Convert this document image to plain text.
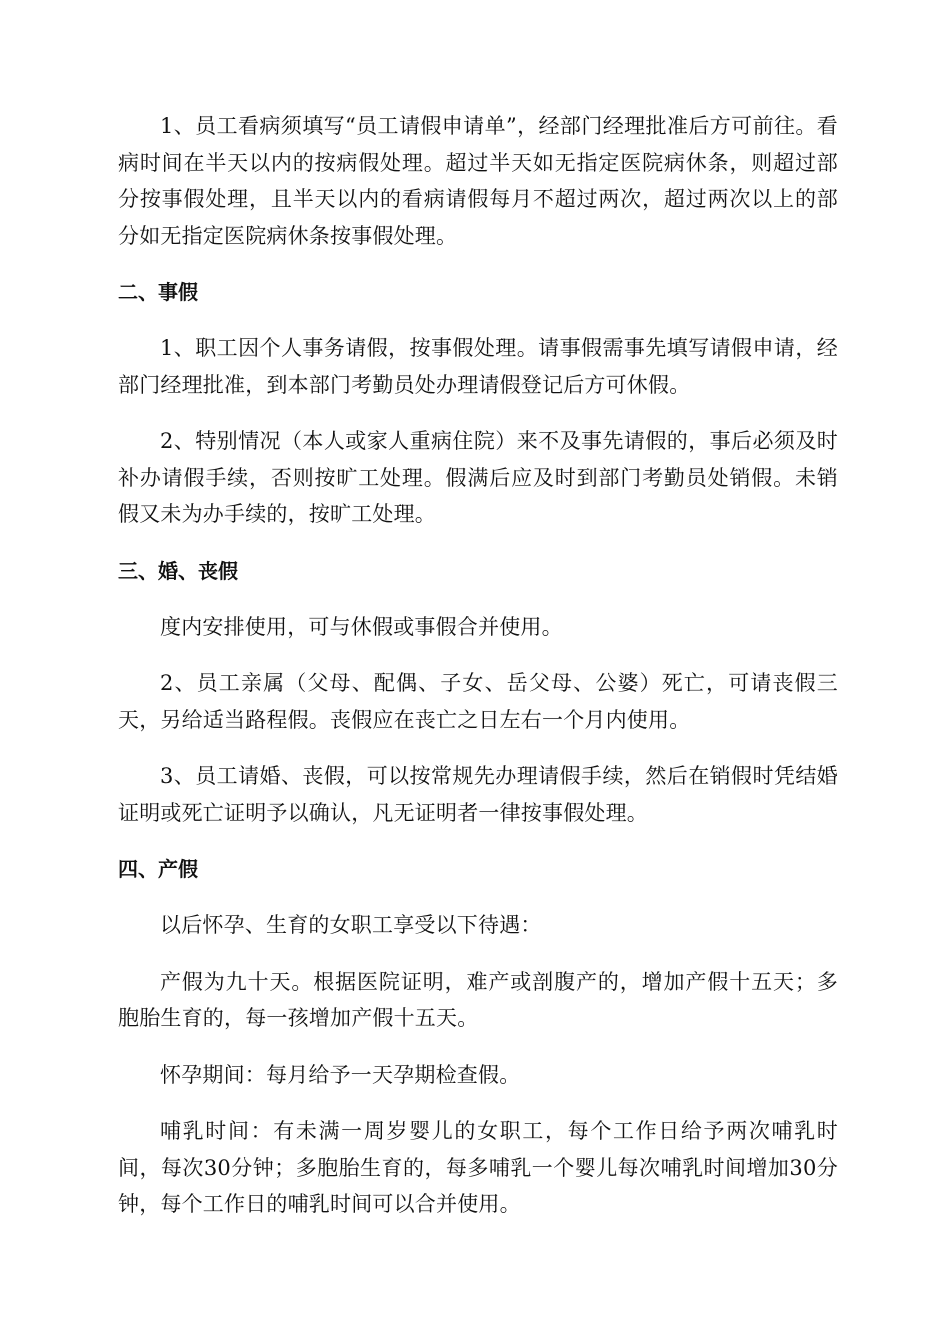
1、员工看病须填写“员工请假申请单”，经部门经理批准后方可前往。看病时间在半天以内的按病假处理。超过半天如无指定医院病休条，则超过部分按事假处理，且半天以内的看病请假每月不超过两次，超过两次以上的部分如无指定医院病休条按事假处理。

二、事假

1、职工因个人事务请假，按事假处理。请事假需事先填写请假申请，经部门经理批准，到本部门考勤员处办理请假登记后方可休假。

2、特别情况（本人或家人重病住院）来不及事先请假的，事后必须及时补办请假手续，否则按旷工处理。假满后应及时到部门考勤员处销假。未销假又未为办手续的，按旷工处理。

三、婚、丧假

度内安排使用，可与休假或事假合并使用。

2、员工亲属（父母、配偶、子女、岳父母、公婆）死亡，可请丧假三天，另给适当路程假。丧假应在丧亡之日左右一个月内使用。

3、员工请婚、丧假，可以按常规先办理请假手续，然后在销假时凭结婚证明或死亡证明予以确认，凡无证明者一律按事假处理。

四、产假

以后怀孕、生育的女职工享受以下待遇：

产假为九十天。根据医院证明，难产或剖腹产的，增加产假十五天；多胞胎生育的，每一孩增加产假十五天。

怀孕期间：每月给予一天孕期检查假。

哺乳时间：有未满一周岁婴儿的女职工，每个工作日给予两次哺乳时间，每次30分钟；多胞胎生育的，每多哺乳一个婴儿每次哺乳时间增加30分钟，每个工作日的哺乳时间可以合并使用。
